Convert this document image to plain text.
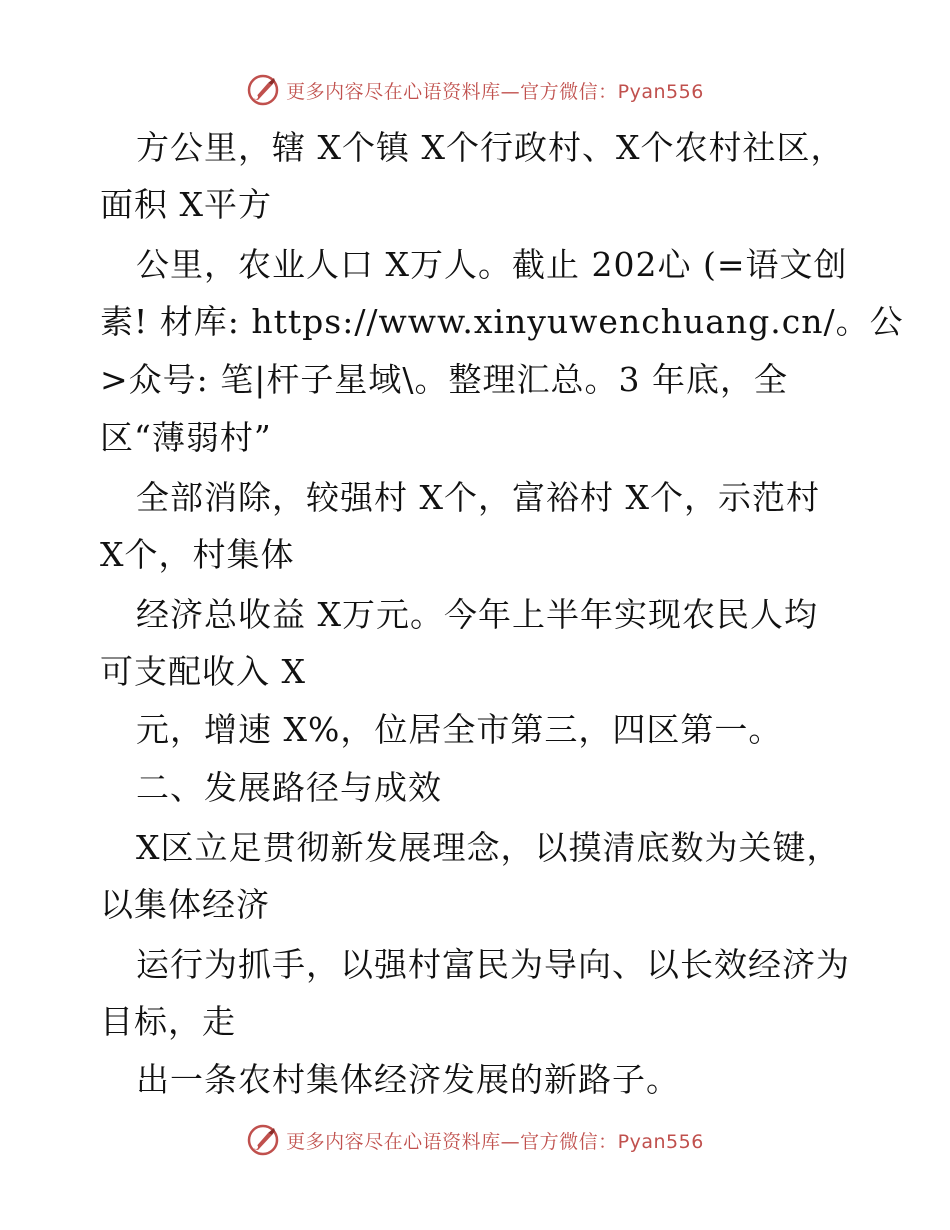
更多内容尽在心语资料库—官方微信：Pyan556
方公里，辖 X个镇 X个行政村、X个农村社区，
面积 X平方
公里，农业人口 X万人。截止 202心 (=语文创
素! 材库: https://www.xinyuwenchuang.cn/。公
>众号: 笔|杆子星域\。整理汇总。3 年底，全
区“薄弱村”
全部消除，较强村 X个，富裕村 X个，示范村
X个，村集体
经济总收益 X万元。今年上半年实现农民人均
可支配收入 X
元，增速 X%，位居全市第三，四区第一。
二、发展路径与成效
X区立足贯彻新发展理念，以摸清底数为关键，
以集体经济
运行为抓手，以强村富民为导向、以长效经济为
目标，走
出一条农村集体经济发展的新路子。
更多内容尽在心语资料库—官方微信：Pyan556
